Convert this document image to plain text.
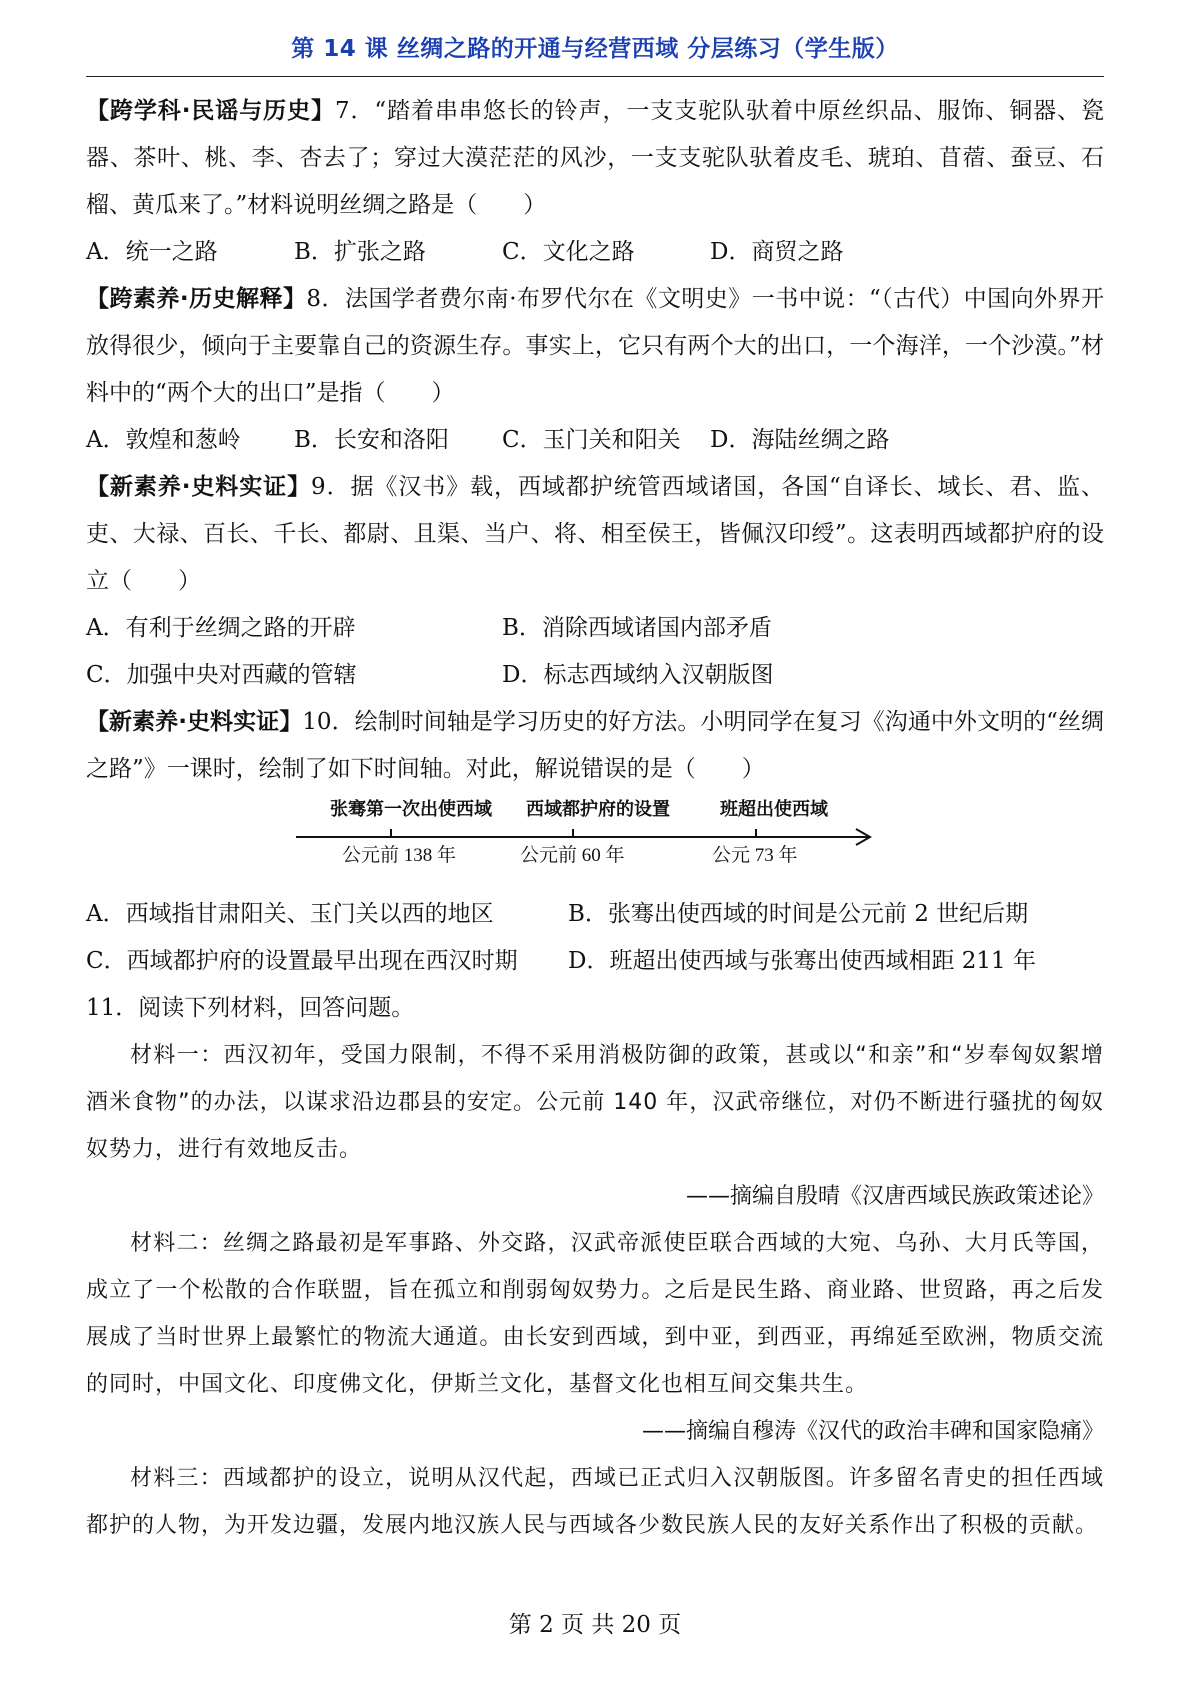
第 14 课 丝绸之路的开通与经营西域 分层练习（学生版）

【跨学科·民谣与历史】7．“踏着串串悠长的铃声，一支支驼队驮着中原丝织品、服饰、铜器、瓷器、茶叶、桃、李、杏去了；穿过大漠茫茫的风沙，一支支驼队驮着皮毛、琥珀、苜蓿、蚕豆、石榴、黄瓜来了。”材料说明丝绸之路是（　　）

A．统一之路	B．扩张之路	C．文化之路	D．商贸之路

【跨素养·历史解释】8．法国学者费尔南·布罗代尔在《文明史》一书中说：“（古代）中国向外界开放得很少，倾向于主要靠自己的资源生存。事实上，它只有两个大的出口，一个海洋，一个沙漠。”材料中的“两个大的出口”是指（　　）

A．敦煌和葱岭	B．长安和洛阳	C．玉门关和阳关	D．海陆丝绸之路

【新素养·史料实证】9．据《汉书》载，西域都护统管西域诸国，各国“自译长、域长、君、监、吏、大禄、百长、千长、都尉、且渠、当户、将、相至侯王，皆佩汉印绶”。这表明西域都护府的设立（　　）

A．有利于丝绸之路的开辟	B．消除西域诸国内部矛盾
C．加强中央对西藏的管辖	D．标志西域纳入汉朝版图

【新素养·史料实证】10．绘制时间轴是学习历史的好方法。小明同学在复习《沟通中外文明的“丝绸之路”》一课时，绘制了如下时间轴。对此，解说错误的是（　　）

张骞第一次出使西域 西域都护府的设置	班超出使西域
公元前 138 年	公元前 60 年	公元 73 年
A．西域指甘肃阳关、玉门关以西的地区	B．张骞出使西域的时间是公元前 2 世纪后期
C．西域都护府的设置最早出现在西汉时期	D．班超出使西域与张骞出使西域相距 211 年

11．阅读下列材料，回答问题。

材料一：西汉初年，受国力限制，不得不采用消极防御的政策，甚或以“和亲”和“岁奉匈奴絮增酒米食物”的办法，以谋求沿边郡县的安定。公元前 140 年，汉武帝继位，对仍不断进行骚扰的匈奴奴势力，进行有效地反击。

——摘编自殷晴《汉唐西域民族政策述论》

材料二：丝绸之路最初是军事路、外交路，汉武帝派使臣联合西域的大宛、乌孙、大月氏等国，成立了一个松散的合作联盟，旨在孤立和削弱匈奴势力。之后是民生路、商业路、世贸路，再之后发展成了当时世界上最繁忙的物流大通道。由长安到西域，到中亚，到西亚，再绵延至欧洲，物质交流的同时，中国文化、印度佛文化，伊斯兰文化，基督文化也相互间交集共生。

——摘编自穆涛《汉代的政治丰碑和国家隐痛》

材料三：西域都护的设立，说明从汉代起，西域已正式归入汉朝版图。许多留名青史的担任西域都护的人物，为开发边疆，发展内地汉族人民与西域各少数民族人民的友好关系作出了积极的贡献。

第 2 页 共 20 页
